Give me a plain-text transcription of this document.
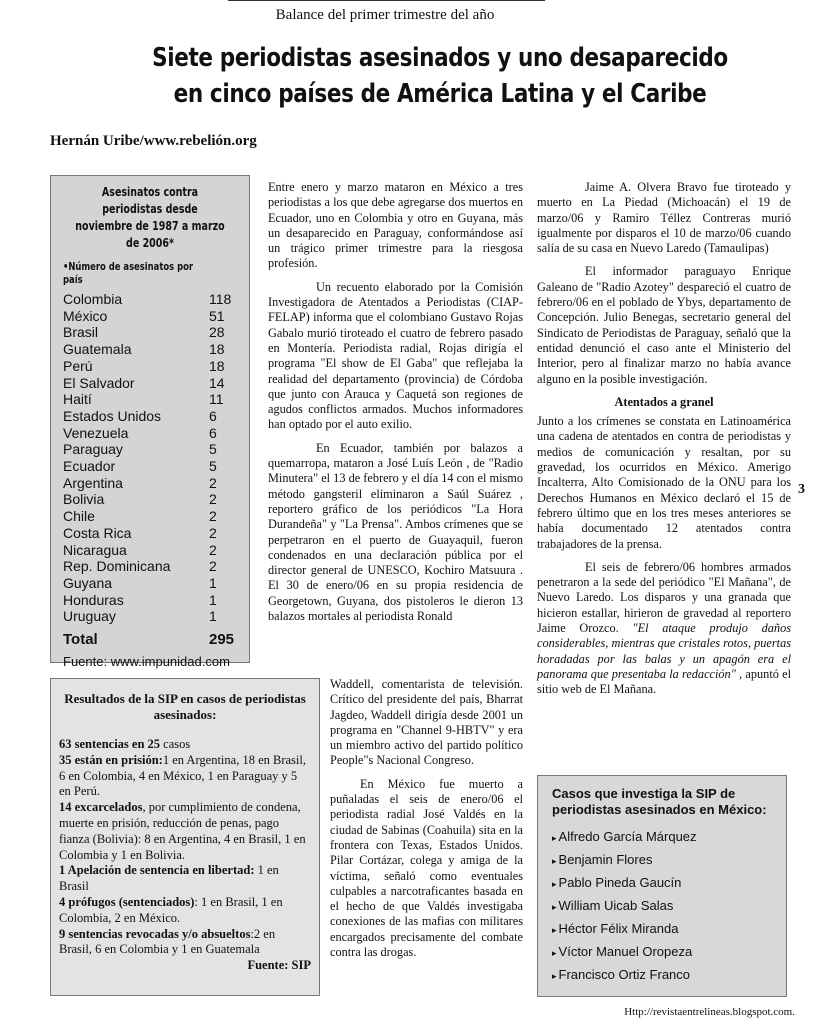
Balance del primer trimestre del año
Siete periodistas asesinados y uno desaparecido
en cinco países de América Latina y el Caribe
Hernán Uribe/www.rebelión.org
Asesinatos contra periodistas desde noviembre de 1987 a marzo de 2006*
•Número de asesinatos por país
Colombia	118
México	51
Brasil	28
Guatemala	18
Perú	18
El Salvador	14
Haití	11
Estados Unidos	6
Venezuela	6
Paraguay	5
Ecuador	5
Argentina	2
Bolivia	2
Chile	2
Costa Rica	2
Nicaragua	2
Rep. Dominicana	2
Guyana	1
Honduras	1
Uruguay	1
Total	295
Fuente: www.impunidad.com
Resultados de la SIP en casos de periodistas asesinados:

63 sentencias en 25 casos

35 están en prisión:1 en Argentina, 18 en Brasil, 6 en Colombia, 4 en México, 1 en Paraguay y 5 en Perú.

14 excarcelados, por cumplimiento de condena, muerte en prisión, reducción de penas, pago fianza (Bolivia): 8 en Argentina, 4 en Brasil, 1 en Colombia y 1 en Bolivia.

1 Apelación de sentencia en libertad: 1 en Brasil

4 prófugos (sentenciados): 1 en Brasil, 1 en Colombia, 2 en México.

9 sentencias revocadas y/o absueltos:2 en Brasil, 6 en Colombia y 1 en Guatemala

Fuente: SIP

Entre enero y marzo mataron en México a tres periodistas a los que debe agregarse dos muertos en Ecuador, uno en Colombia y otro en Guyana, más un desaparecido en Paraguay, conformándose así un trágico primer trimestre para la riesgosa profesión.

Un recuento elaborado por la Comisión Investigadora de Atentados a Periodistas (CIAP-FELAP) informa que el colombiano Gustavo Rojas Gabalo murió tiroteado el cuatro de febrero pasado en Montería. Periodista radial, Rojas dirigía el programa "El show de El Gaba" que reflejaba la realidad del departamento (provincia) de Córdoba que junto con Arauca y Caquetá son regiones de agudos conflictos armados. Muchos informadores han optado por el auto exilio.

En Ecuador, también por balazos a quemarropa, mataron a José Luís León , de "Radio Minutera" el 13 de febrero y el día 14 con el mismo método gangsteril eliminaron a Saúl Suárez , reportero gráfico de los periódicos "La Hora Durandeña" y "La Prensa". Ambos crímenes que se perpetraron en el puerto de Guayaquil, fueron condenados en una declaración pública por el director general de UNESCO, Kochiro Matsuura . El 30 de enero/06 en su propia residencia de Georgetown, Guyana, dos pistoleros le dieron 13 balazos mortales al periodista Ronald

Waddell, comentarista de televisión. Crítico del presidente del país, Bharrat Jagdeo, Waddell dirigía desde 2001 un programa en "Channel 9-HBTV" y era un miembro activo del partido político People"s Nacional Congreso.

En México fue muerto a puñaladas el seis de enero/06 el periodista radial José Valdés en la ciudad de Sabinas (Coahuila) sita en la frontera con Texas, Estados Unidos. Pilar Cortázar, colega y amiga de la víctima, señaló como eventuales culpables a narcotraficantes basada en el hecho de que Valdés investigaba conexiones de las mafias con militares encargados precisamente del combate contra las drogas.

Jaime A. Olvera Bravo fue tiroteado y muerto en La Piedad (Michoacán) el 19 de marzo/06 y Ramiro Téllez Contreras murió igualmente por disparos el 10 de marzo/06 cuando salía de su casa en Nuevo Laredo (Tamaulipas)

El informador paraguayo Enrique Galeano de "Radio Azotey" despareció el cuatro de febrero/06 en el poblado de Ybys, departamento de Concepción. Julio Benegas, secretario general del Sindicato de Periodistas de Paraguay, señaló que la entidad denunció el caso ante el Ministerio del Interior, pero al finalizar marzo no había avance alguno en la posible investigación.

Atentados a granel

Junto a los crímenes se constata en Latinoamérica una cadena de atentados en contra de periodistas y medios de comunicación y resaltan, por su gravedad, los ocurridos en México. Amerigo Incalterra, Alto Comisionado de la ONU para los Derechos Humanos en México declaró el 15 de febrero último que en los tres meses anteriores se había documentado 12 atentados contra trabajadores de la prensa.

El seis de febrero/06 hombres armados penetraron a la sede del periódico "El Mañana", de Nuevo Laredo. Los disparos y una granada que hicieron estallar, hirieron de gravedad al reportero Jaime Orozco. "El ataque produjo daños considerables, mientras que cristales rotos, puertas horadadas por las balas y un apagón era el panorama que presentaba la redacción" , apuntó el sitio web de El Mañana.

Casos que investiga la SIP de periodistas asesinados en México:
▸ Alfredo García Márquez
▸ Benjamin Flores
▸ Pablo Pineda Gaucín
▸ William Uicab Salas
▸ Héctor Félix Miranda
▸ Víctor Manuel Oropeza
▸ Francisco Ortiz Franco
3
Http://revistaentrelineas.blogspot.com.
